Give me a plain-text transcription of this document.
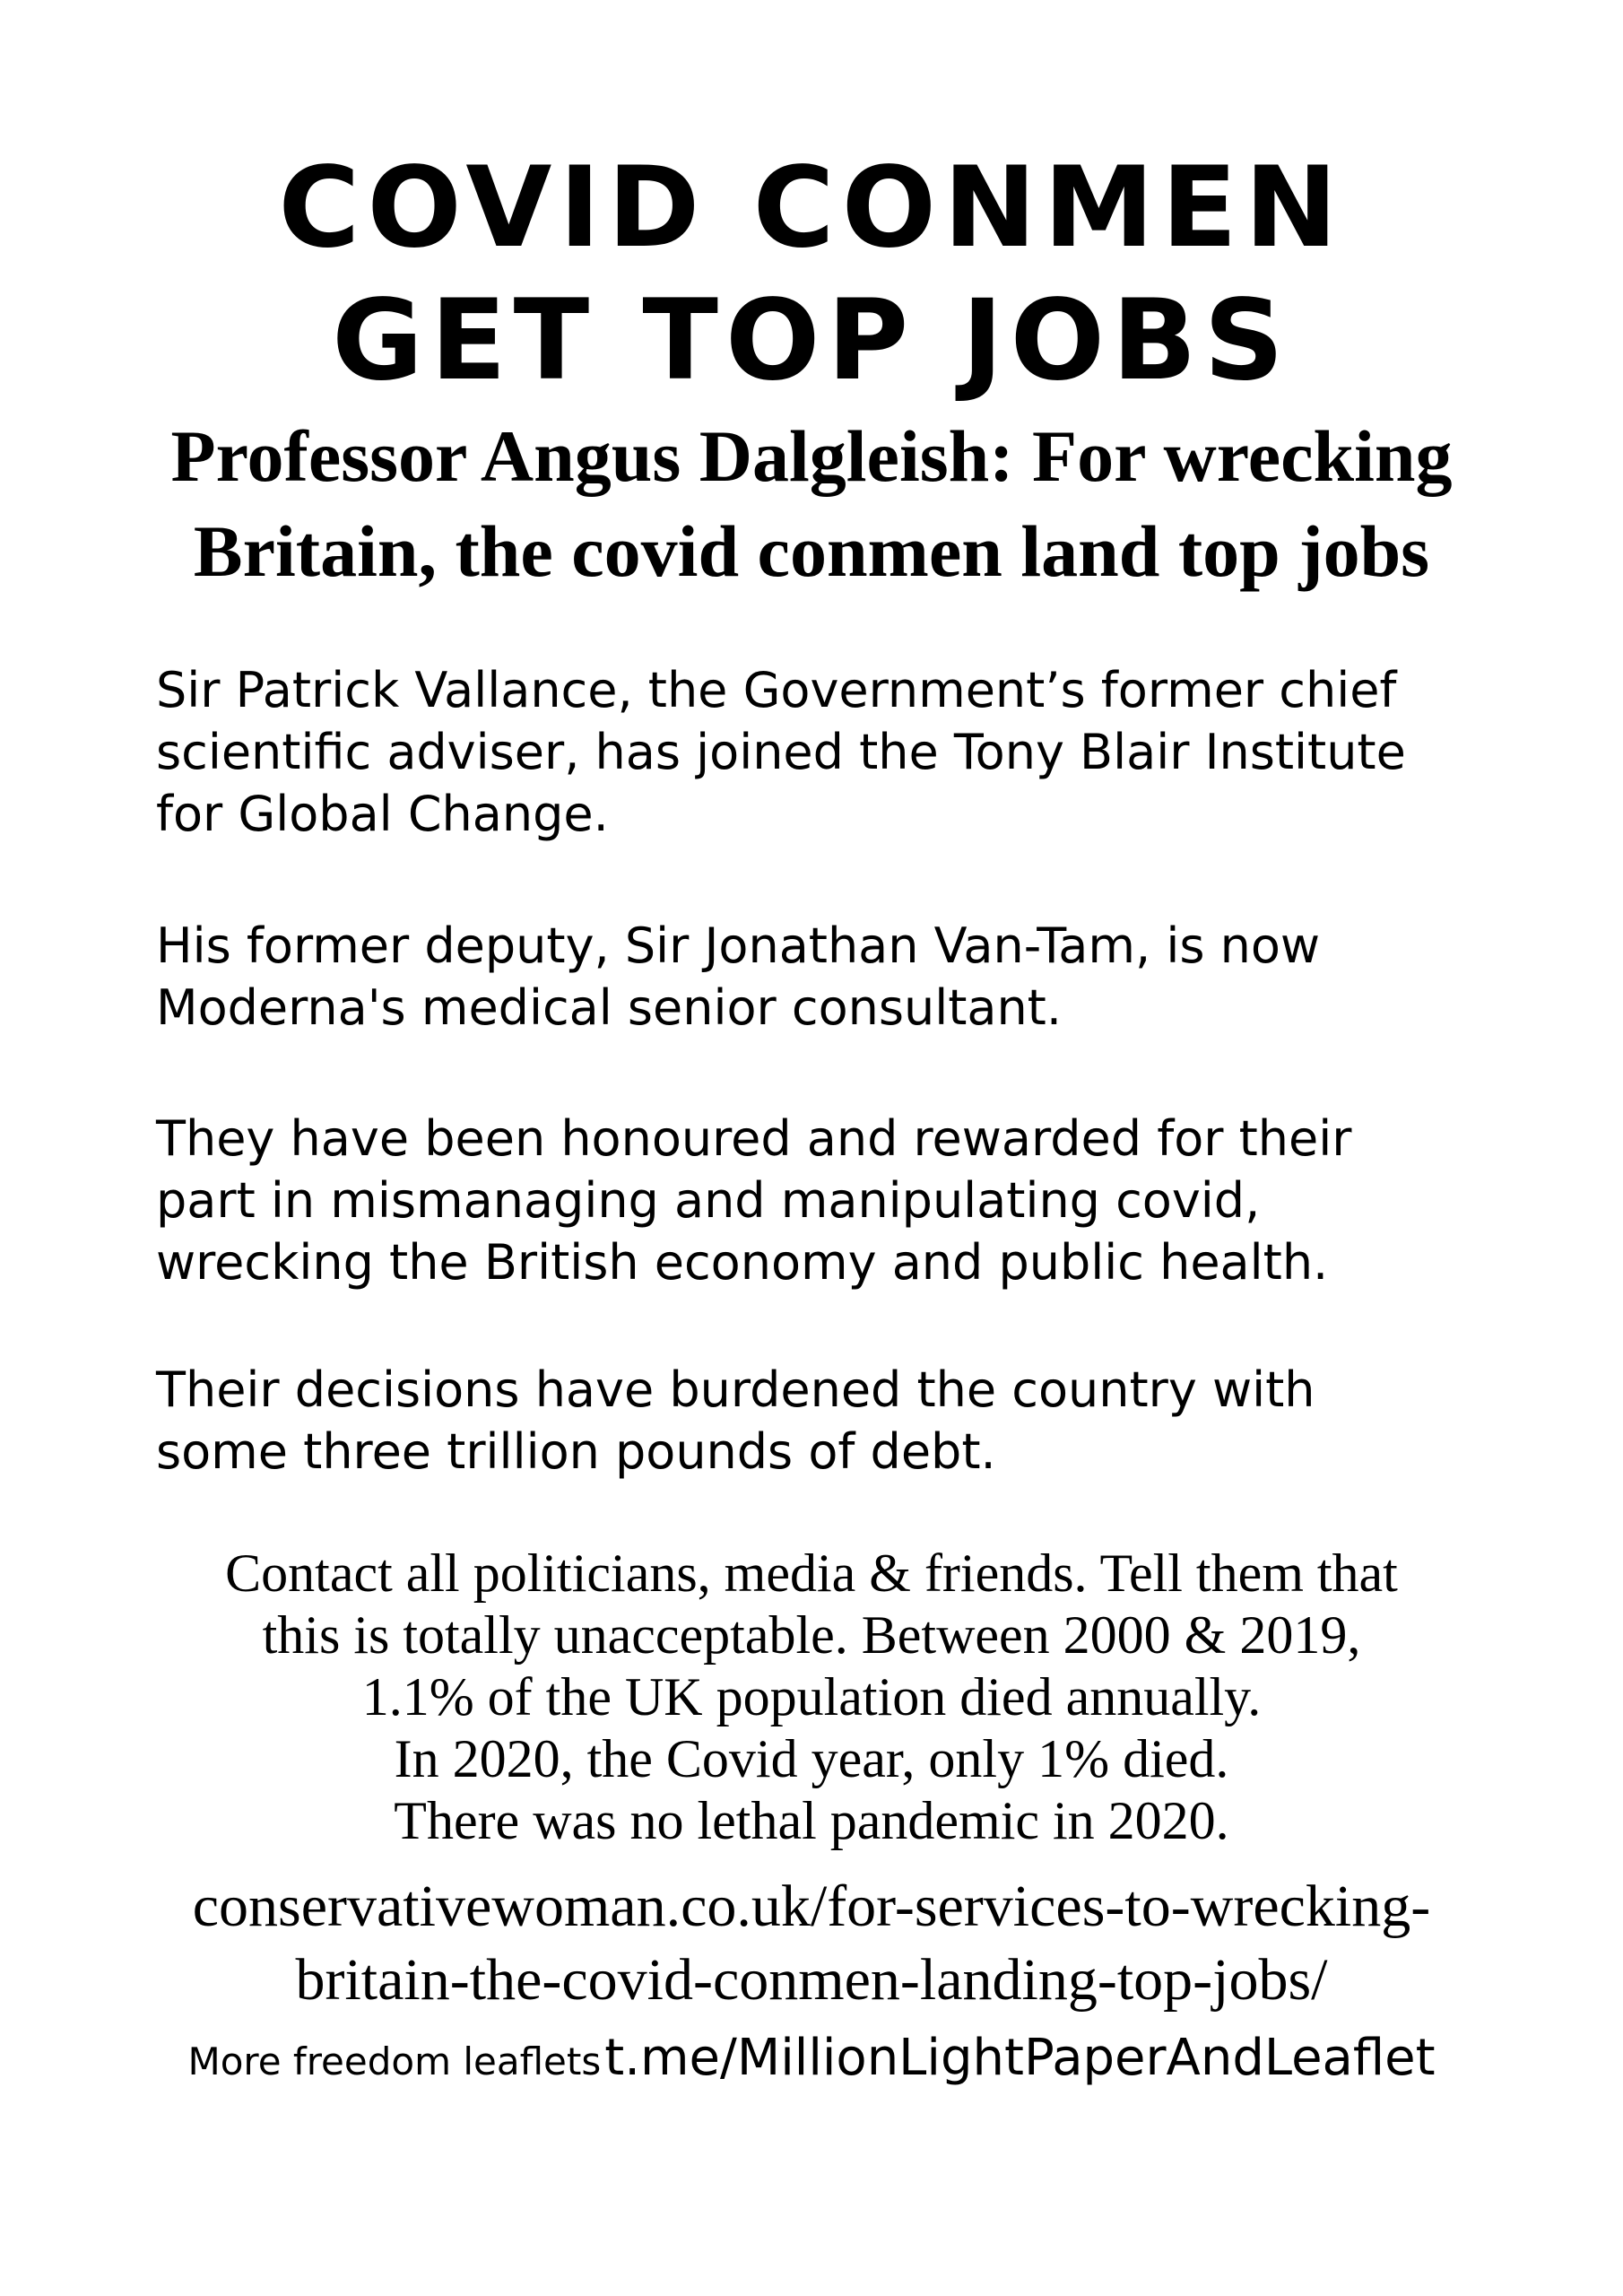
COVID CONMEN
GET TOP JOBS
Professor Angus Dalgleish: For wrecking
Britain, the covid conmen land top jobs

Sir Patrick Vallance, the Government’s former chief
scientific adviser, has joined the Tony Blair Institute
for Global Change.

His former deputy, Sir Jonathan Van-Tam, is now
Moderna's medical senior consultant.

They have been honoured and rewarded for their
part in mismanaging and manipulating covid,
wrecking the British economy and public health.

Their decisions have burdened the country with
some three trillion pounds of debt.

Contact all politicians, media & friends. Tell them that
this is totally unacceptable. Between 2000 & 2019,
1.1% of the UK population died annually.
In 2020, the Covid year, only 1% died.
There was no lethal pandemic in 2020.

conservativewoman.co.uk/for-services-to-wrecking-
britain-the-covid-conmen-landing-top-jobs/

More freedom leaflets t.me/MillionLightPaperAndLeaflet
